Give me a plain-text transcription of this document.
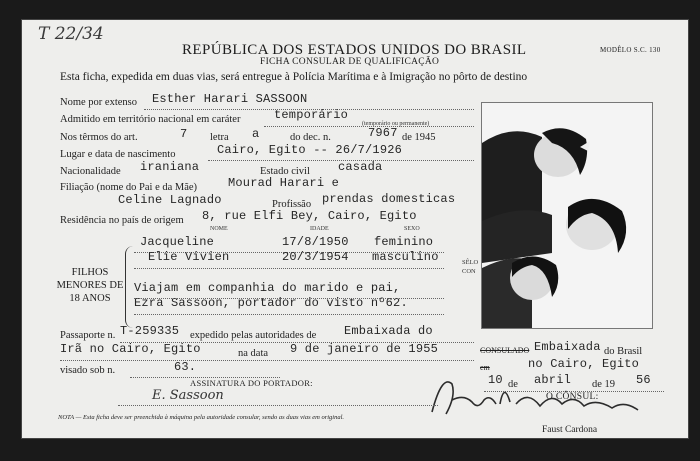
T 22/34
REPÚBLICA DOS ESTADOS UNIDOS DO BRASIL
FICHA CONSULAR DE QUALIFICAÇÃO
MODÊLO S.C. 130
Esta ficha, expedida em duas vias, será entregue à Polícia Marítima e à Imigração no pôrto de destino
Nome por extenso Esther Harari SASSOON
Admitido em território nacional em caráter	temporário
(temporário ou permanente)
Nos têrmos do art.	7 letra a	do dec. n.	7967 de 1945
Lugar e data de nascimento	Cairo, Egito -- 26/7/1926
Nacionalidade iraniana	Estado civil casada
Filiação (nome do Pai e da Mãe)	Mourad Harari e
Celine Lagnado	Profissão prendas domesticas
Residência no país de origem 8, rue Elfi Bey, Cairo, Egito
NOME	IDADE	SEXO
Jacqueline	17/8/1950 feminino
Elie Vivien	20/3/1954 masculino
FILHOS MENORES DE 18 ANOS
Viajam em companhia do marido e pai,
Ezra Sassoon, portador do visto nº62.
SÊLO CON
Passaporte n. T-259335 expedido pelas autoridades de Embaixada do
Irã no Cairo, Egito	na data 9 de janeiro de 1955
visado sob n.	63.
CONSULADO Embaixada do Brasil
em	no Cairo, Egito
10 de abril de 19 56
O CÔNSUL:
Faust Cardona
ASSINATURA DO PORTADOR:
E. Sassoon
NOTA — Esta ficha deve ser preenchida à máquina pela autoridade consular, sendo as duas vias em original.
